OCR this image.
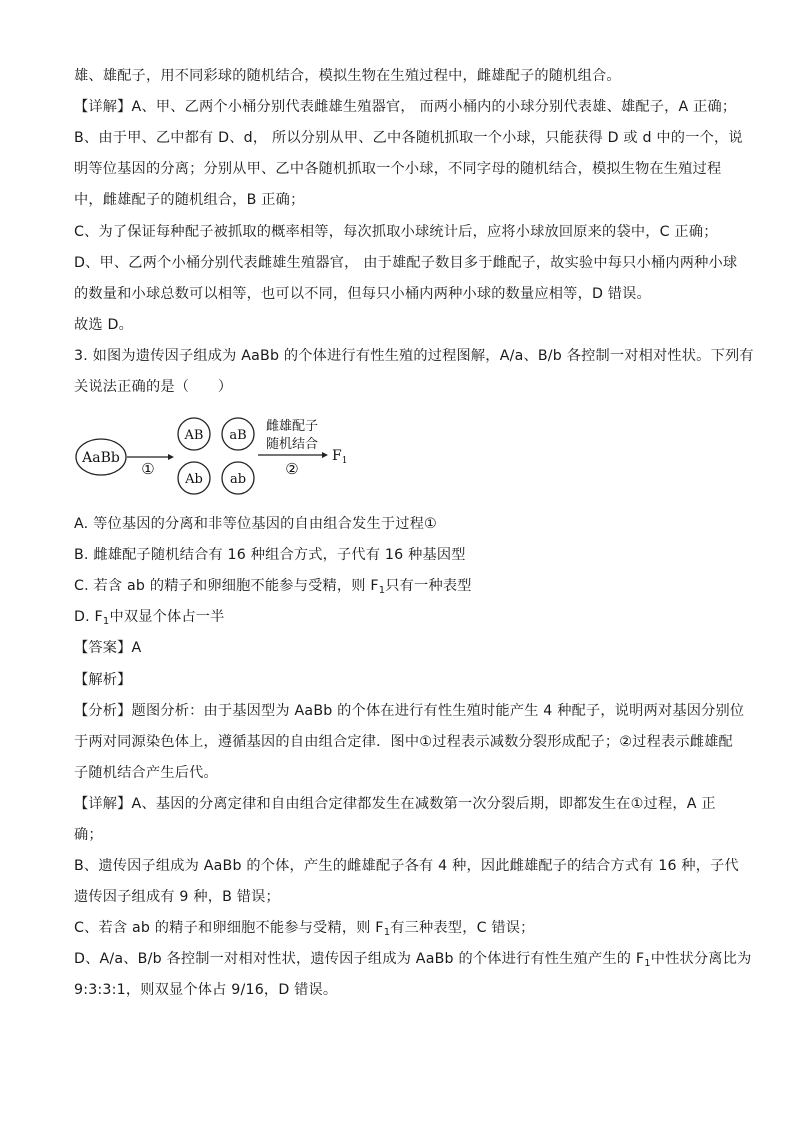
雄、雄配子，用不同彩球的随机结合，模拟生物在生殖过程中，雌雄配子的随机组合。
【详解】A、甲、乙两个小桶分别代表雌雄生殖器官， 而两小桶内的小球分别代表雄、雄配子，A 正确；
B、由于甲、乙中都有 D、d， 所以分别从甲、乙中各随机抓取一个小球，只能获得 D 或 d 中的一个，说
明等位基因的分离；分别从甲、乙中各随机抓取一个小球，不同字母的随机结合，模拟生物在生殖过程
中，雌雄配子的随机组合，B 正确；
C、为了保证每种配子被抓取的概率相等，每次抓取小球统计后，应将小球放回原来的袋中，C 正确；
D、甲、乙两个小桶分别代表雌雄生殖器官， 由于雄配子数目多于雌配子，故实验中每只小桶内两种小球
的数量和小球总数可以相等，也可以不同，但每只小桶内两种小球的数量应相等，D 错误。
故选 D。
3. 如图为遗传因子组成为 AaBb 的个体进行有性生殖的过程图解，A/a、B/b 各控制一对相对性状。下列有
关说法正确的是（　　）
AaBb
①
AB aB
Ab ab
雌雄配子
随机结合
②
$F_1$
A. 等位基因的分离和非等位基因的自由组合发生于过程①
B. 雌雄配子随机结合有 16 种组合方式，子代有 16 种基因型
C. 若含 ab 的精子和卵细胞不能参与受精，则 $F_1$只有一种表型
D. $F_1$中双显个体占一半
【答案】A
【解析】
【分析】题图分析：由于基因型为 AaBb 的个体在进行有性生殖时能产生 4 种配子，说明两对基因分别位
于两对同源染色体上，遵循基因的自由组合定律．图中①过程表示减数分裂形成配子；②过程表示雌雄配
子随机结合产生后代。
【详解】A、基因的分离定律和自由组合定律都发生在减数第一次分裂后期，即都发生在①过程，A 正
确；
B、遗传因子组成为 AaBb 的个体，产生的雌雄配子各有 4 种，因此雌雄配子的结合方式有 16 种，子代
遗传因子组成有 9 种，B 错误；
C、若含 ab 的精子和卵细胞不能参与受精，则 $F_1$有三种表型，C 错误；
D、A/a、B/b 各控制一对相对性状，遗传因子组成为 AaBb 的个体进行有性生殖产生的 $F_1$中性状分离比为
9:3:3:1，则双显个体占 9/16，D 错误。
